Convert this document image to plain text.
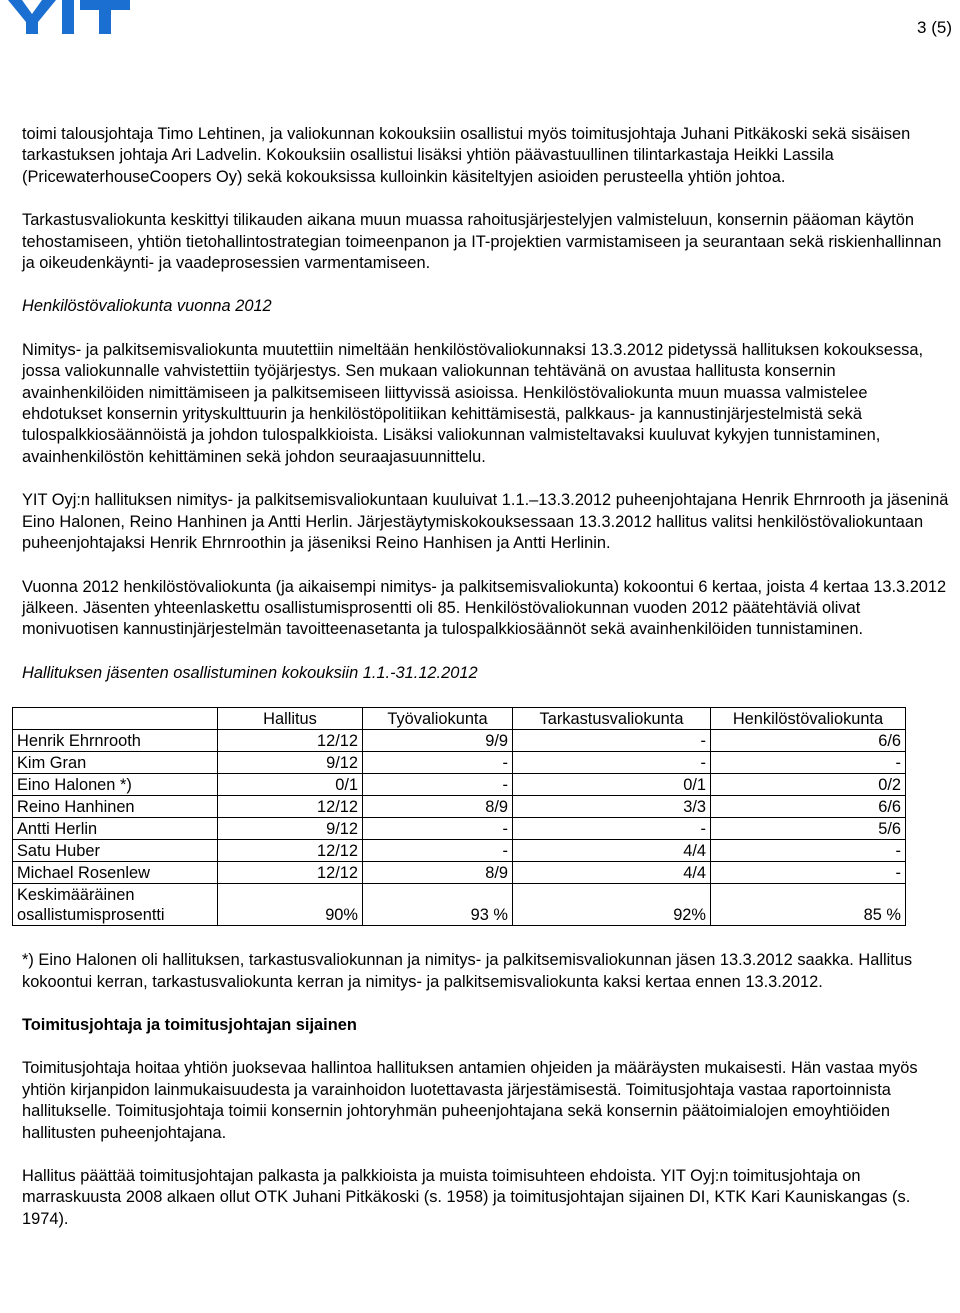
3 (5)

toimi talousjohtaja Timo Lehtinen, ja valiokunnan kokouksiin osallistui myös toimitusjohtaja Juhani Pitkäkoski sekä sisäisen tarkastuksen johtaja Ari Ladvelin. Kokouksiin osallistui lisäksi yhtiön päävastuullinen tilintarkastaja Heikki Lassila (PricewaterhouseCoopers Oy) sekä kokouksissa kulloinkin käsiteltyjen asioiden perusteella yhtiön johtoa.

Tarkastusvaliokunta keskittyi tilikauden aikana muun muassa rahoitusjärjestelyjen valmisteluun, konsernin pääoman käytön tehostamiseen, yhtiön tietohallintostrategian toimeenpanon ja IT-projektien varmistamiseen ja seurantaan sekä riskienhallinnan ja oikeudenkäynti- ja vaadeprosessien varmentamiseen.

Henkilöstövaliokunta vuonna 2012

Nimitys- ja palkitsemisvaliokunta muutettiin nimeltään henkilöstövaliokunnaksi 13.3.2012 pidetyssä hallituksen kokouksessa, jossa valiokunnalle vahvistettiin työjärjestys. Sen mukaan valiokunnan tehtävänä on avustaa hallitusta konsernin avainhenkilöiden nimittämiseen ja palkitsemiseen liittyvissä asioissa. Henkilöstövaliokunta muun muassa valmistelee ehdotukset konsernin yrityskulttuurin ja henkilöstöpolitiikan kehittämisestä, palkkaus- ja kannustinjärjestelmistä sekä tulospalkkiosäännöistä ja johdon tulospalkkioista. Lisäksi valiokunnan valmisteltavaksi kuuluvat kykyjen tunnistaminen, avainhenkilöstön kehittäminen sekä johdon seuraajasuunnittelu.

YIT Oyj:n hallituksen nimitys- ja palkitsemisvaliokuntaan kuuluivat 1.1.–13.3.2012 puheenjohtajana Henrik Ehrnrooth ja jäseninä Eino Halonen, Reino Hanhinen ja Antti Herlin. Järjestäytymiskokouksessaan 13.3.2012 hallitus valitsi henkilöstövaliokuntaan puheenjohtajaksi Henrik Ehrnroothin ja jäseniksi Reino Hanhisen ja Antti Herlinin.

Vuonna 2012 henkilöstövaliokunta (ja aikaisempi nimitys- ja palkitsemisvaliokunta) kokoontui 6 kertaa, joista 4 kertaa 13.3.2012 jälkeen. Jäsenten yhteenlaskettu osallistumisprosentti oli 85. Henkilöstövaliokunnan vuoden 2012 päätehtäviä olivat monivuotisen kannustinjärjestelmän tavoitteenasetanta ja tulospalkkiosäännöt sekä avainhenkilöiden tunnistaminen.

Hallituksen jäsenten osallistuminen kokouksiin 1.1.-31.12.2012

	Hallitus	Työvaliokunta	Tarkastusvaliokunta	Henkilöstövaliokunta
Henrik Ehrnrooth	12/12	9/9	-	6/6
Kim Gran	9/12	-	-	-
Eino Halonen *)	0/1	-	0/1	0/2
Reino Hanhinen	12/12	8/9	3/3	6/6
Antti Herlin	9/12	-	-	5/6
Satu Huber	12/12	-	4/4	-
Michael Rosenlew	12/12	8/9	4/4	-
Keskimääräinen
osallistumisprosentti	90%	93 %	92%	85 %

*) Eino Halonen oli hallituksen, tarkastusvaliokunnan ja nimitys- ja palkitsemisvaliokunnan jäsen 13.3.2012 saakka. Hallitus kokoontui kerran, tarkastusvaliokunta kerran ja nimitys- ja palkitsemisvaliokunta kaksi kertaa ennen 13.3.2012.

Toimitusjohtaja ja toimitusjohtajan sijainen

Toimitusjohtaja hoitaa yhtiön juoksevaa hallintoa hallituksen antamien ohjeiden ja määräysten mukaisesti. Hän vastaa myös yhtiön kirjanpidon lainmukaisuudesta ja varainhoidon luotettavasta järjestämisestä. Toimitusjohtaja vastaa raportoinnista hallitukselle. Toimitusjohtaja toimii konsernin johtoryhmän puheenjohtajana sekä konsernin päätoimialojen emoyhtiöiden hallitusten puheenjohtajana.

Hallitus päättää toimitusjohtajan palkasta ja palkkioista ja muista toimisuhteen ehdoista. YIT Oyj:n toimitusjohtaja on marraskuusta 2008 alkaen ollut OTK Juhani Pitkäkoski (s. 1958) ja toimitusjohtajan sijainen DI, KTK Kari Kauniskangas (s. 1974).
